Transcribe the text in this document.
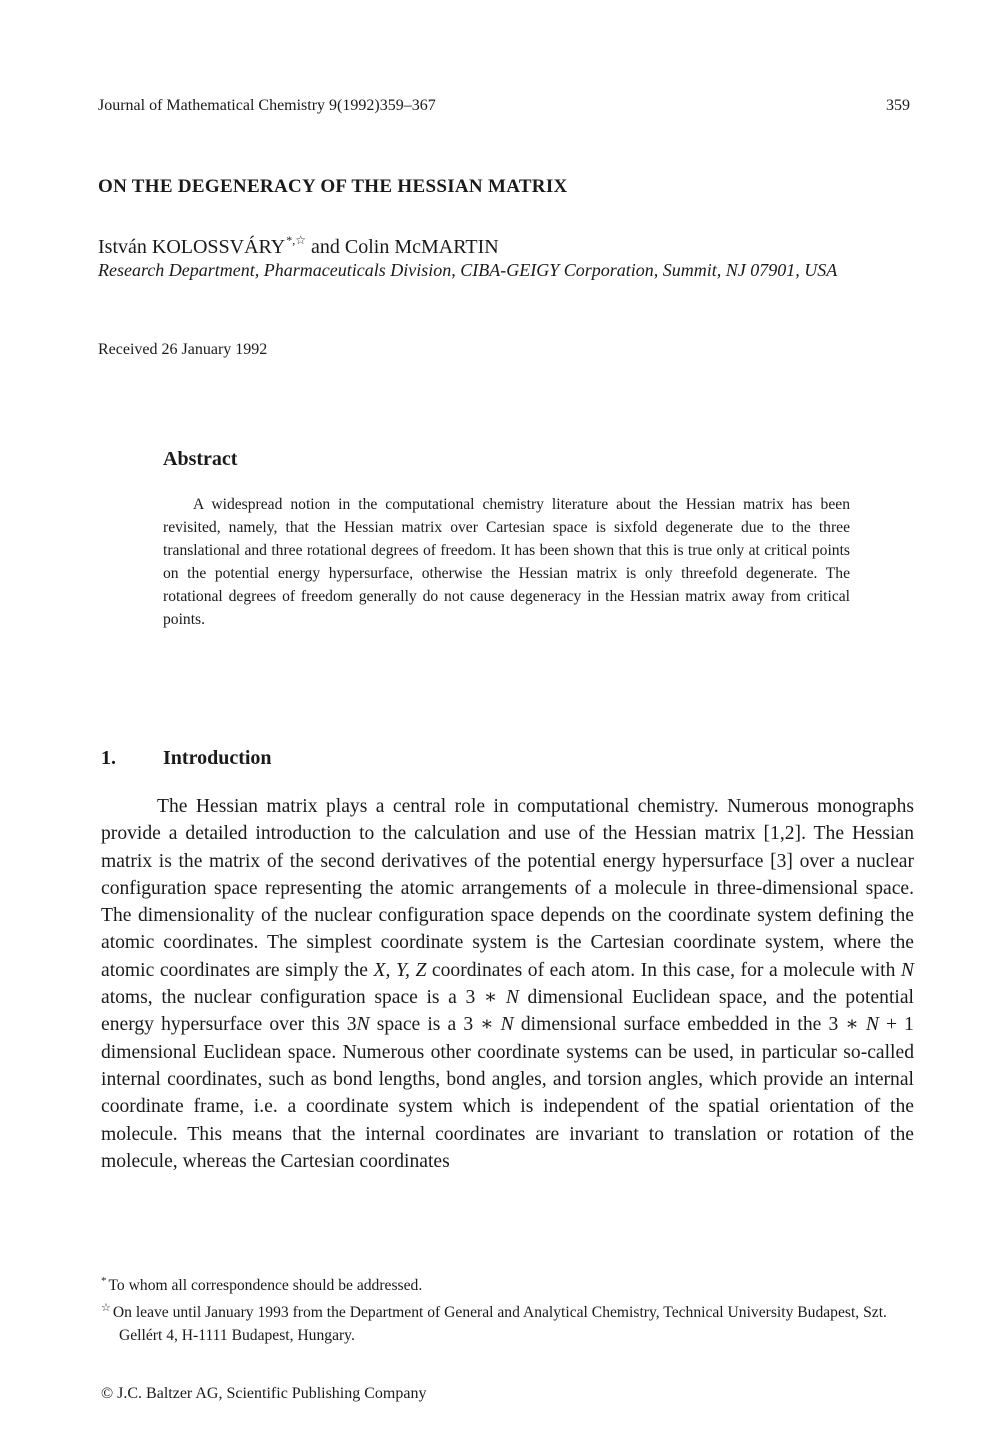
Journal of Mathematical Chemistry 9(1992)359–367	359
ON THE DEGENERACY OF THE HESSIAN MATRIX
István KOLOSSVÁRY*,☆ and Colin McMARTIN
Research Department, Pharmaceuticals Division, CIBA-GEIGY Corporation, Summit, NJ 07901, USA
Received 26 January 1992
Abstract

A widespread notion in the computational chemistry literature about the Hessian matrix has been revisited, namely, that the Hessian matrix over Cartesian space is sixfold degenerate due to the three translational and three rotational degrees of freedom. It has been shown that this is true only at critical points on the potential energy hypersurface, otherwise the Hessian matrix is only threefold degenerate. The rotational degrees of freedom generally do not cause degeneracy in the Hessian matrix away from critical points.

1. Introduction

The Hessian matrix plays a central role in computational chemistry. Numerous monographs provide a detailed introduction to the calculation and use of the Hessian matrix [1,2]. The Hessian matrix is the matrix of the second derivatives of the potential energy hypersurface [3] over a nuclear configuration space representing the atomic arrangements of a molecule in three-dimensional space. The dimensionality of the nuclear configuration space depends on the coordinate system defining the atomic coordinates. The simplest coordinate system is the Cartesian coordinate system, where the atomic coordinates are simply the X, Y, Z coordinates of each atom. In this case, for a molecule with N atoms, the nuclear configuration space is a 3 ∗ N dimensional Euclidean space, and the potential energy hypersurface over this 3N space is a 3 ∗ N dimensional surface embedded in the 3 ∗ N + 1 dimensional Euclidean space. Numerous other coordinate systems can be used, in particular so-called internal coordinates, such as bond lengths, bond angles, and torsion angles, which provide an internal coordinate frame, i.e. a coordinate system which is independent of the spatial orientation of the molecule. This means that the internal coordinates are invariant to translation or rotation of the molecule, whereas the Cartesian coordinates

* To whom all correspondence should be addressed.

☆ On leave until January 1993 from the Department of General and Analytical Chemistry, Technical University Budapest, Szt. Gellért 4, H-1111 Budapest, Hungary.

© J.C. Baltzer AG, Scientific Publishing Company
